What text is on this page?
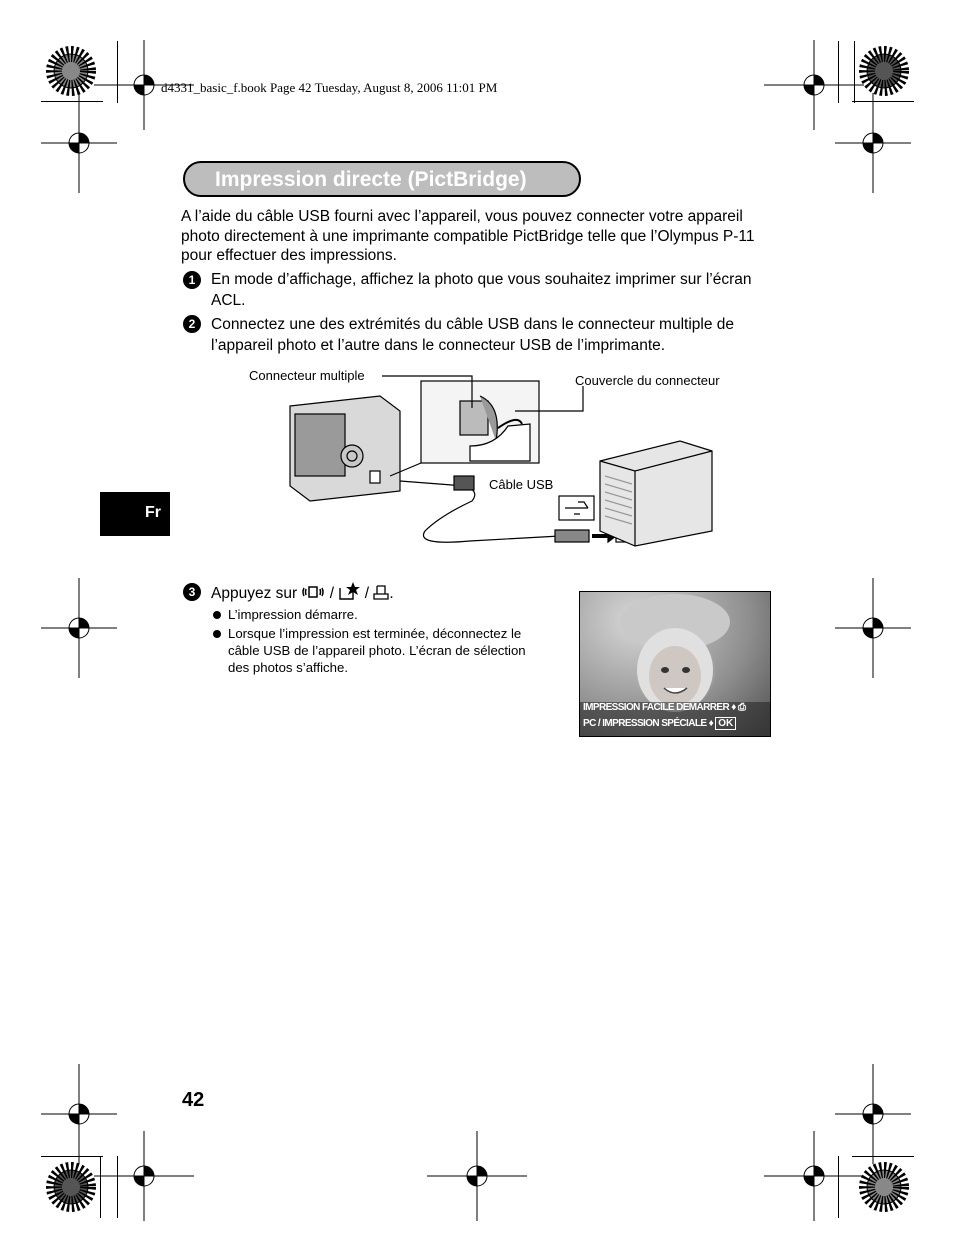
d4331_basic_f.book Page 42 Tuesday, August 8, 2006 11:01 PM
Impression directe (PictBridge)
A l’aide du câble USB fourni avec l’appareil, vous pouvez connecter votre appareil photo directement à une imprimante compatible PictBridge telle que l’Olympus P-11 pour effectuer des impressions.
1	En mode d’affichage, affichez la photo que vous souhaitez imprimer sur l’écran ACL.
2	Connectez une des extrémités du câble USB dans le connecteur multiple de l’appareil photo et l’autre dans le connecteur USB de l’imprimante.
Connecteur multiple	Couvercle du connecteur
Câble USB
Fr
3	Appuyez sur / / .
L’impression démarre.
Lorsque l’impression est terminée, déconnectez le câble USB de l’appareil photo. L’écran de sélection des photos s’affiche.
IMPRESSION FACILE DEMARRER ♦ ⎙
PC / IMPRESSION SPÉCIALE ♦ OK
42
